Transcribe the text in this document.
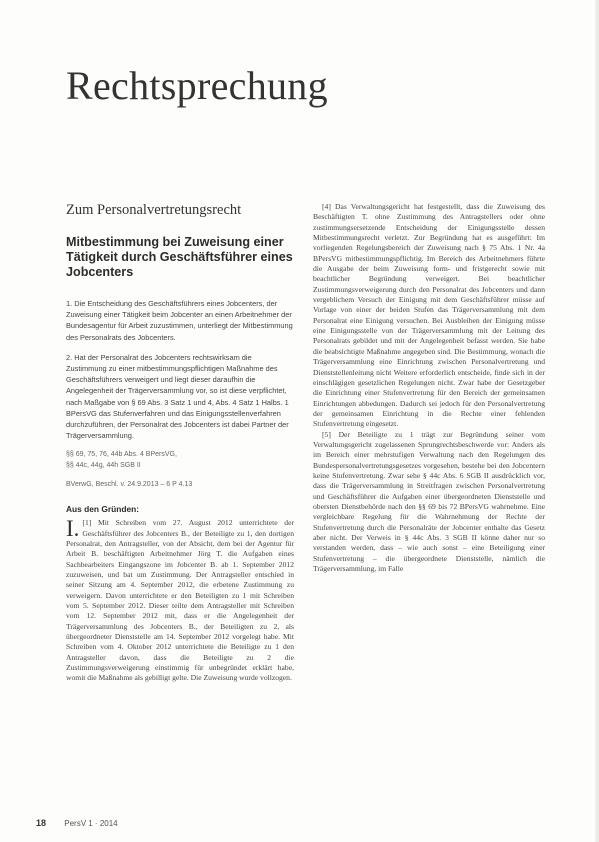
Rechtsprechung
Zum Personalvertretungsrecht
Mitbestimmung bei Zuweisung einer Tätigkeit durch Geschäftsführer eines Jobcenters

1. Die Entscheidung des Geschäftsführers eines Jobcenters, der Zuweisung einer Tätigkeit beim Jobcenter an einen Arbeitnehmer der Bundesagentur für Arbeit zuzustimmen, unterliegt der Mitbestimmung des Personalrats des Jobcenters.

2. Hat der Personalrat des Jobcenters rechtswirksam die Zustimmung zu einer mitbestimmungspflichtigen Maßnahme des Geschäftsführers verweigert und liegt dieser daraufhin die Angelegenheit der Trägerversammlung vor, so ist diese verpflichtet, nach Maßgabe von § 69 Abs. 3 Satz 1 und 4, Abs. 4 Satz 1 Halbs. 1 BPersVG das Stufenverfahren und das Einigungsstellenverfahren durchzuführen, der Personalrat des Jobcenters ist dabei Partner der Trägerversammlung.

§§ 69, 75, 76, 44b Abs. 4 BPersVG,
§§ 44c, 44g, 44h SGB II

BVerwG, Beschl. v. 24.9.2013 – 6 P 4.13

Aus den Gründen:

I. [1] Mit Schreiben vom 27. August 2012 unterrichtete der Geschäftsführer des Jobcenters B., der Beteiligte zu 1, den dortigen Personalrat, den Antragsteller, von der Absicht, dem bei der Agentur für Arbeit B. beschäftigten Arbeitnehmer Jörg T. die Aufgaben eines Sachbearbeiters Eingangszone im Jobcenter B. ab 1. September 2012 zuzuweisen, und bat um Zustimmung. Der Antragsteller entschied in seiner Sitzung am 4. September 2012, die erbetene Zustimmung zu verweigern. Davon unterrichtete er den Beteiligten zu 1 mit Schreiben vom 5. September 2012. Dieser teilte dem Antragsteller mit Schreiben vom 12. September 2012 mit, dass er die Angelegenheit der Trägerversammlung des Jobcenters B., der Beteiligten zu 2, als übergeordneter Dienststelle am 14. September 2012 vorgelegt habe. Mit Schreiben vom 4. Oktober 2012 unterrichtete die Beteiligte zu 1 den Antragsteller davon, dass die Beteiligte zu 2 die Zustimmungsverweigerung einstimmig für unbegründet erklärt habe, womit die Maßnahme als gebilligt gelte. Die Zuweisung wurde vollzogen.

[4] Das Verwaltungsgericht hat festgestellt, dass die Zuweisung des Beschäftigten T. ohne Zustimmung des Antragstellers oder ohne zustimmungsersetzende Entscheidung der Einigungsstelle dessen Mitbestimmungsrecht verletzt. Zur Begründung hat es ausgeführt: Im vorliegenden Regelungsbereich der Zuweisung nach § 75 Abs. 1 Nr. 4a BPersVG mitbestimmungspflichtig. Im Bereich des Arbeitnehmers führte die Ausgabe der beim Zuweisung form- und fristgerecht sowie mit beachtlicher Begründung verweigert. Bei beachtlicher Zustimmungsverweigerung durch den Personalrat des Jobcenters und dann vergeblichem Versuch der Einigung mit dem Geschäftsführer müsse auf Vorlage von einer der beiden Stufen das Trägerversammlung mit dem Personalrat eine Einigung versuchen. Bei Ausbleiben der Einigung müsse eine Einigungsstelle von der Trägerversammlung mit der Leitung des Personalrats gebildet und mit der Angelegenheit befasst werden. Sie habe die beabsichtigte Maßnahme angegeben sind. Die Bestimmung, wonach die Trägerversammlung eine Einrichtung zwischen Personalvertretung und Dienststellenleitung nicht Weitere erforderlich entscheide, finde sich in der einschlägigen gesetzlichen Regelungen nicht. Zwar habe der Gesetzgeber die Einrichtung einer Stufenvertretung für den Bereich der gemeinsamen Einrichtungen abbedungen. Dadurch sei jedoch für den Personalvertretung der gemeinsamen Einrichtung in die Rechte einer fehlenden Stufenvertretung eingesetzt.

[5] Der Beteiligte zu 1 trägt zur Begründung seiner vom Verwaltungsgericht zugelassenen Sprungrechtsbeschwerde vor: Anders als im Bereich einer mehrstufigen Verwaltung nach den Regelungen des Bundespersonalvertretungsgesetzes vorgesehen, bestehe bei den Jobcentern keine Stufenvertretung. Zwar sehe § 44c Abs. 6 SGB II ausdrücklich vor, dass die Trägerversammlung in Streitfragen zwischen Personalvertretung und Geschäftsführer die Aufgaben einer übergeordneten Dienststelle und obersten Dienstbehörde nach den §§ 69 bis 72 BPersVG wahrnehme. Eine vergleichbare Regelung für die Wahrnehmung der Rechte der Stufenvertretung durch die Personalräte der Jobcenter enthalte das Gesetz aber nicht. Der Verweis in § 44c Abs. 3 SGB II könne daher nur so verstanden werden, dass – wie auch sonst – eine Beteiligung einer Stufenvertretung – die übergeordnete Dienststelle, nämlich die Trägerversammlung, im Falle

18 PersV 1 · 2014
